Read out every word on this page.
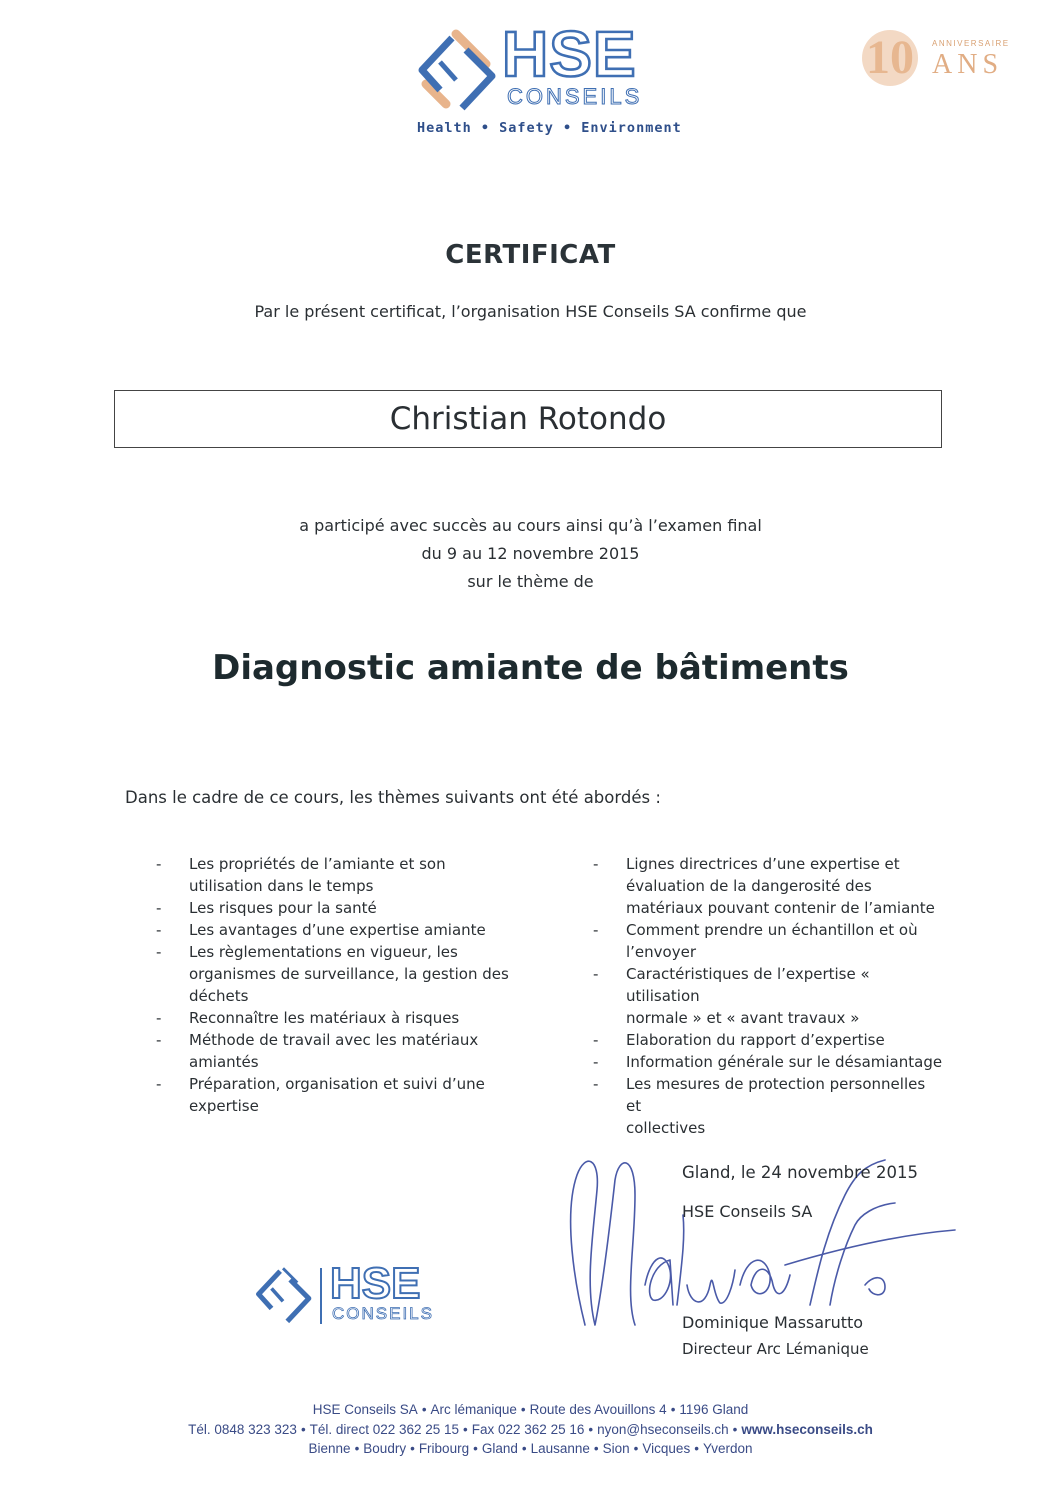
HSE
CONSEILS
Health • Safety • Environment
10 ANNIVERSAIRE
ANS
CERTIFICAT
Par le présent certificat, l’organisation HSE Conseils SA confirme que
Christian Rotondo
a participé avec succès au cours ainsi qu’à l’examen final
du 9 au 12 novembre 2015
sur le thème de
Diagnostic amiante de bâtiments
Dans le cadre de ce cours, les thèmes suivants ont été abordés :
- Les propriétés de l’amiante et son
utilisation dans le temps
- Les risques pour la santé
- Les avantages d’une expertise amiante
- Les règlementations en vigueur, les
organismes de surveillance, la gestion des
déchets
- Reconnaître les matériaux à risques
- Méthode de travail avec les matériaux
amiantés
- Préparation, organisation et suivi d’une
expertise
- Lignes directrices d’une expertise et
évaluation de la dangerosité des
matériaux pouvant contenir de l’amiante
- Comment prendre un échantillon et où
l’envoyer
- Caractéristiques de l’expertise « utilisation
normale » et « avant travaux »
- Elaboration du rapport d’expertise
- Information générale sur le désamiantage
- Les mesures de protection personnelles et
collectives
Gland, le 24 novembre 2015
HSE Conseils SA
Dominique Massarutto
Directeur Arc Lémanique
HSE
CONSEILS
HSE Conseils SA • Arc lémanique • Route des Avouillons 4 • 1196 Gland
Tél. 0848 323 323 • Tél. direct 022 362 25 15 • Fax 022 362 25 16 • nyon@hseconseils.ch • www.hseconseils.ch
Bienne • Boudry • Fribourg • Gland • Lausanne • Sion • Vicques • Yverdon
